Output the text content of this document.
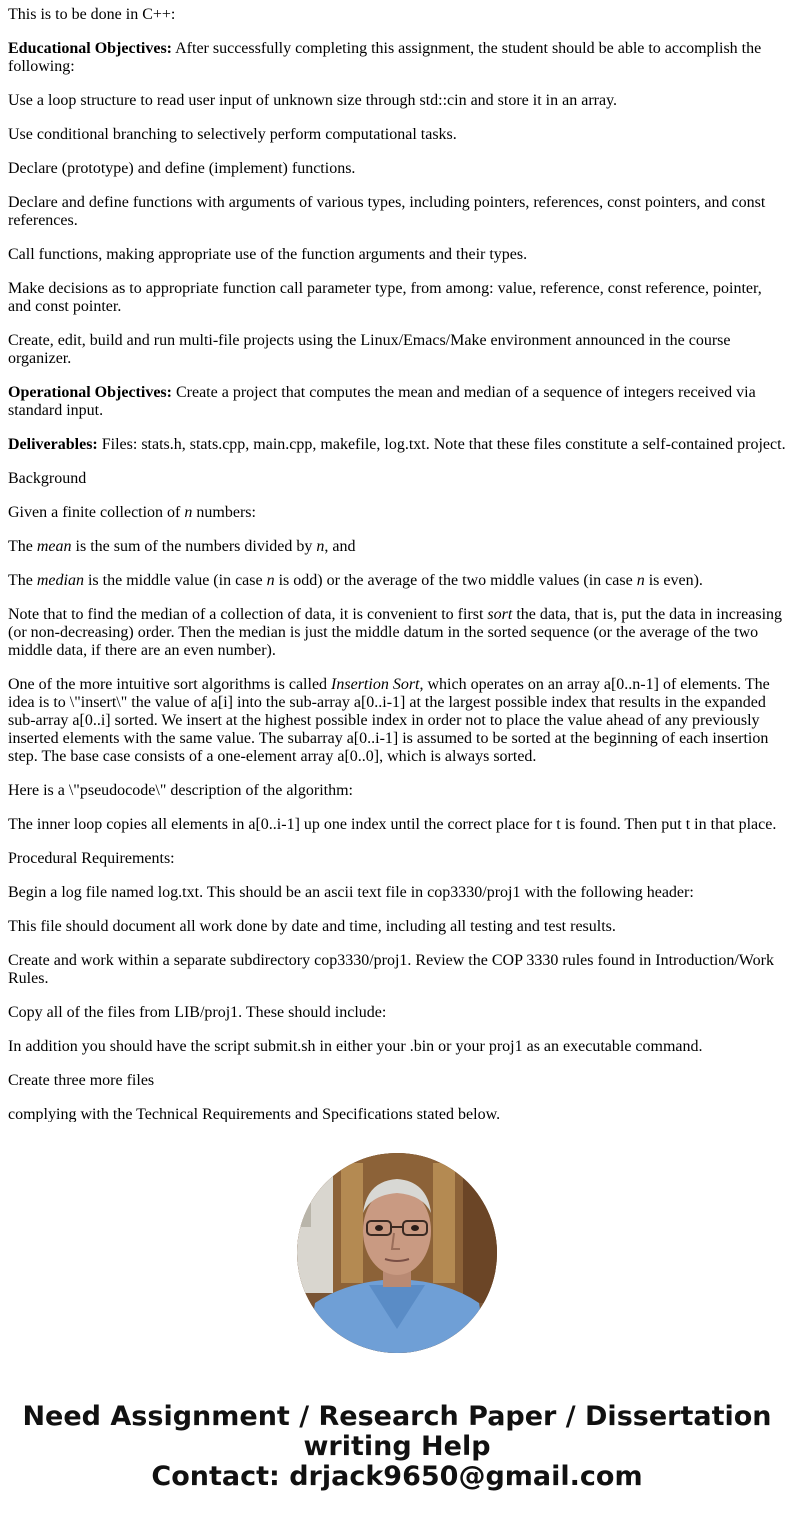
This is to be done in C++:

Educational Objectives: After successfully completing this assignment, the student should be able to accomplish the following:

Use a loop structure to read user input of unknown size through std::cin and store it in an array.

Use conditional branching to selectively perform computational tasks.

Declare (prototype) and define (implement) functions.

Declare and define functions with arguments of various types, including pointers, references, const pointers, and const references.

Call functions, making appropriate use of the function arguments and their types.

Make decisions as to appropriate function call parameter type, from among: value, reference, const reference, pointer, and const pointer.

Create, edit, build and run multi-file projects using the Linux/Emacs/Make environment announced in the course organizer.

Operational Objectives: Create a project that computes the mean and median of a sequence of integers received via standard input.

Deliverables: Files: stats.h, stats.cpp, main.cpp, makefile, log.txt. Note that these files constitute a self-contained project.

Background

Given a finite collection of n numbers:

The mean is the sum of the numbers divided by n, and

The median is the middle value (in case n is odd) or the average of the two middle values (in case n is even).

Note that to find the median of a collection of data, it is convenient to first sort the data, that is, put the data in increasing (or non-decreasing) order. Then the median is just the middle datum in the sorted sequence (or the average of the two middle data, if there are an even number).

One of the more intuitive sort algorithms is called Insertion Sort, which operates on an array a[0..n-1] of elements. The idea is to \"insert\" the value of a[i] into the sub-array a[0..i-1] at the largest possible index that results in the expanded sub-array a[0..i] sorted. We insert at the highest possible index in order not to place the value ahead of any previously inserted elements with the same value. The subarray a[0..i-1] is assumed to be sorted at the beginning of each insertion step. The base case consists of a one-element array a[0..0], which is always sorted.

Here is a \"pseudocode\" description of the algorithm:

The inner loop copies all elements in a[0..i-1] up one index until the correct place for t is found. Then put t in that place.

Procedural Requirements:

Begin a log file named log.txt. This should be an ascii text file in cop3330/proj1 with the following header:

This file should document all work done by date and time, including all testing and test results.

Create and work within a separate subdirectory cop3330/proj1. Review the COP 3330 rules found in Introduction/Work Rules.

Copy all of the files from LIB/proj1. These should include:

In addition you should have the script submit.sh in either your .bin or your proj1 as an executable command.

Create three more files

complying with the Technical Requirements and Specifications stated below.

Need Assignment / Research Paper / Dissertation
writing Help
Contact: drjack9650@gmail.com
